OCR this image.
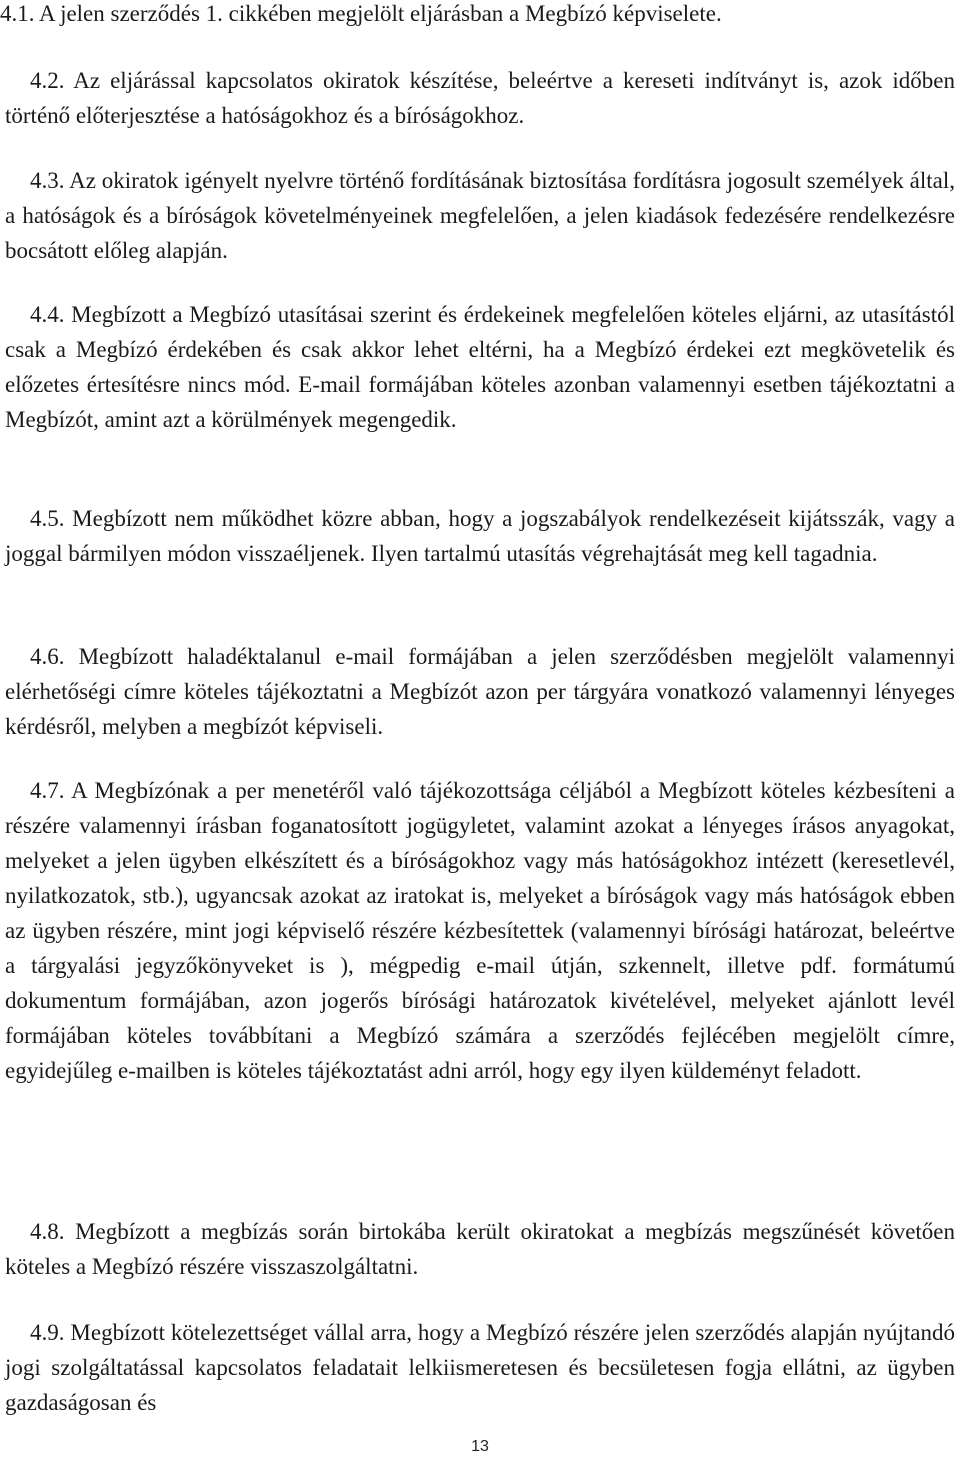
4.1. A jelen szerződés 1. cikkében megjelölt eljárásban a Megbízó képviselete.

4.2. Az eljárással kapcsolatos okiratok készítése, beleértve a kereseti indítványt is, azok időben történő előterjesztése a hatóságokhoz és a bíróságokhoz.

4.3. Az okiratok igényelt nyelvre történő fordításának biztosítása fordításra jogosult személyek által, a hatóságok és a bíróságok követelményeinek megfelelően, a jelen kiadások fedezésére rendelkezésre bocsátott előleg alapján.

4.4. Megbízott a Megbízó utasításai szerint és érdekeinek megfelelően köteles eljárni, az utasítástól csak a Megbízó érdekében és csak akkor lehet eltérni, ha a Megbízó érdekei ezt megkövetelik és előzetes értesítésre nincs mód. E-mail formájában köteles azonban valamennyi esetben tájékoztatni a Megbízót, amint azt a körülmények megengedik.

4.5. Megbízott nem működhet közre abban, hogy a jogszabályok rendelkezéseit kijátsszák, vagy a joggal bármilyen módon visszaéljenek. Ilyen tartalmú utasítás végrehajtását meg kell tagadnia.

4.6. Megbízott haladéktalanul e-mail formájában a jelen szerződésben megjelölt valamennyi elérhetőségi címre köteles tájékoztatni a Megbízót azon per tárgyára vonatkozó valamennyi lényeges kérdésről, melyben a megbízót képviseli.

4.7. A Megbízónak a per menetéről való tájékozottsága céljából a Megbízott köteles kézbesíteni a részére valamennyi írásban foganatosított jogügyletet, valamint azokat a lényeges írásos anyagokat, melyeket a jelen ügyben elkészített és a bíróságokhoz vagy más hatóságokhoz intézett (keresetlevél, nyilatkozatok, stb.), ugyancsak azokat az iratokat is, melyeket a bíróságok vagy más hatóságok ebben az ügyben részére, mint jogi képviselő részére kézbesítettek (valamennyi bírósági határozat, beleértve a tárgyalási jegyzőkönyveket is ), mégpedig e-mail útján, szkennelt, illetve pdf. formátumú dokumentum formájában, azon jogerős bírósági határozatok kivételével, melyeket ajánlott levél formájában köteles továbbítani a Megbízó számára a szerződés fejlécében megjelölt címre, egyidejűleg e-mailben is köteles tájékoztatást adni arról, hogy egy ilyen küldeményt feladott.

4.8. Megbízott a megbízás során birtokába került okiratokat a megbízás megszűnését követően köteles a Megbízó részére visszaszolgáltatni.

4.9. Megbízott kötelezettséget vállal arra, hogy a Megbízó részére jelen szerződés alapján nyújtandó jogi szolgáltatással kapcsolatos feladatait lelkiismeretesen és becsületesen fogja ellátni, az ügyben gazdaságosan és

13
